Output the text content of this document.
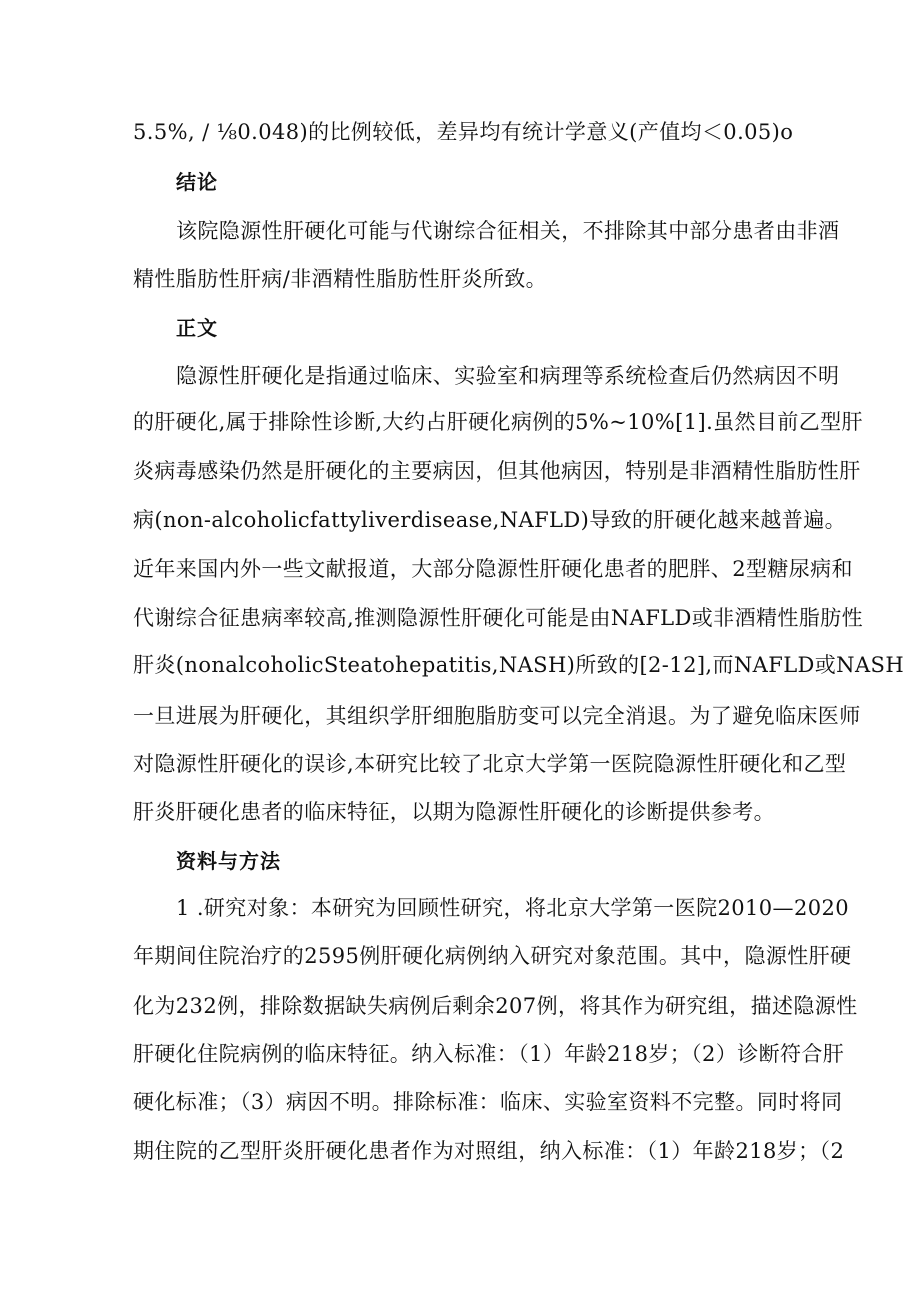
5.5%, / ⅛0.048)的比例较低，差异均有统计学意义(产值均＜0.05)o
结论
该院隐源性肝硬化可能与代谢综合征相关，不排除其中部分患者由非酒
精性脂肪性肝病/非酒精性脂肪性肝炎所致。
正文
隐源性肝硬化是指通过临床、实验室和病理等系统检查后仍然病因不明
的肝硬化,属于排除性诊断,大约占肝硬化病例的5%~10%[1].虽然目前乙型肝
炎病毒感染仍然是肝硬化的主要病因，但其他病因，特别是非酒精性脂肪性肝
病(non-alcoholicfattyliverdisease,NAFLD)导致的肝硬化越来越普遍。
近年来国内外一些文献报道，大部分隐源性肝硬化患者的肥胖、2型糖尿病和
代谢综合征患病率较高,推测隐源性肝硬化可能是由NAFLD或非酒精性脂肪性
肝炎(nonalcoholicSteatohepatitis,NASH)所致的[2-12],而NAFLD或NASH
一旦进展为肝硬化，其组织学肝细胞脂肪变可以完全消退。为了避免临床医师
对隐源性肝硬化的误诊,本研究比较了北京大学第一医院隐源性肝硬化和乙型
肝炎肝硬化患者的临床特征，以期为隐源性肝硬化的诊断提供参考。
资料与方法
1 .研究对象：本研究为回顾性研究，将北京大学第一医院2010—2020
年期间住院治疗的2595例肝硬化病例纳入研究对象范围。其中，隐源性肝硬
化为232例，排除数据缺失病例后剩余207例，将其作为研究组，描述隐源性
肝硬化住院病例的临床特征。纳入标准：（1）年龄218岁；（2）诊断符合肝
硬化标准；（3）病因不明。排除标准：临床、实验室资料不完整。同时将同
期住院的乙型肝炎肝硬化患者作为对照组，纳入标准：（1）年龄218岁；（2
